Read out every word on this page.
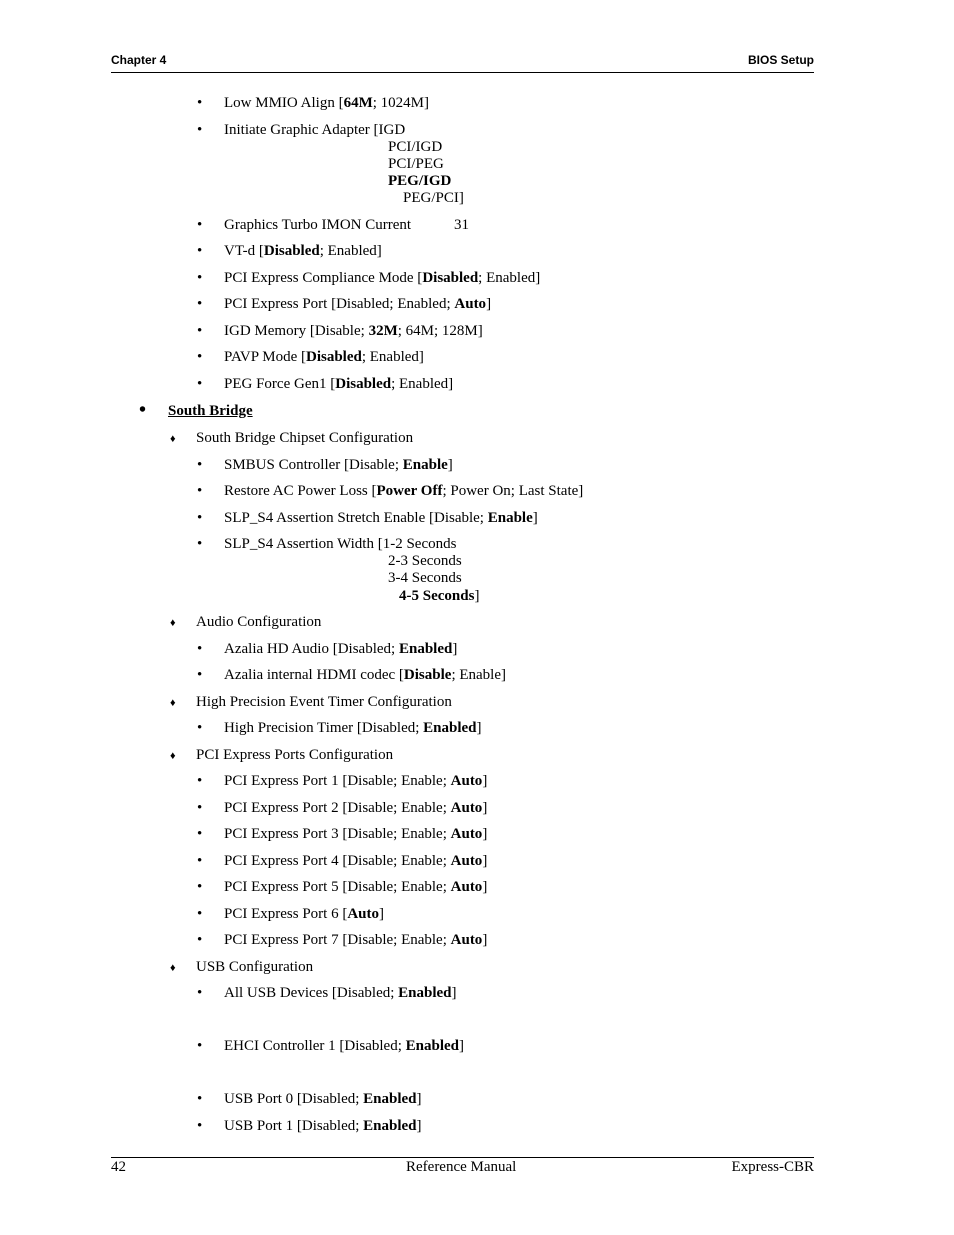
Chapter 4	BIOS Setup
• Low MMIO Align [64M; 1024M]
• Initiate Graphic Adapter [IGD
PCI/IGD
PCI/PEG
PEG/IGD
PEG/PCI]
• Graphics Turbo IMON Current	31
• VT-d [Disabled; Enabled]
• PCI Express Compliance Mode [Disabled; Enabled]
• PCI Express Port [Disabled; Enabled; Auto]
• IGD Memory [Disable; 32M; 64M; 128M]
• PAVP Mode [Disabled; Enabled]
• PEG Force Gen1 [Disabled; Enabled]
• South Bridge
♦ South Bridge Chipset Configuration
• SMBUS Controller [Disable; Enable]
• Restore AC Power Loss [Power Off; Power On; Last State]
• SLP_S4 Assertion Stretch Enable [Disable; Enable]
• SLP_S4 Assertion Width [1-2 Seconds
2-3 Seconds
3-4 Seconds
4-5 Seconds]
♦ Audio Configuration
• Azalia HD Audio [Disabled; Enabled]
• Azalia internal HDMI codec [Disable; Enable]
♦ High Precision Event Timer Configuration
• High Precision Timer [Disabled; Enabled]
♦ PCI Express Ports Configuration
• PCI Express Port 1 [Disable; Enable; Auto]
• PCI Express Port 2 [Disable; Enable; Auto]
• PCI Express Port 3 [Disable; Enable; Auto]
• PCI Express Port 4 [Disable; Enable; Auto]
• PCI Express Port 5 [Disable; Enable; Auto]
• PCI Express Port 6 [Auto]
• PCI Express Port 7 [Disable; Enable; Auto]
♦ USB Configuration
• All USB Devices [Disabled; Enabled]
• EHCI Controller 1 [Disabled; Enabled]
• USB Port 0 [Disabled; Enabled]
• USB Port 1 [Disabled; Enabled]
42	Reference Manual	Express-CBR
